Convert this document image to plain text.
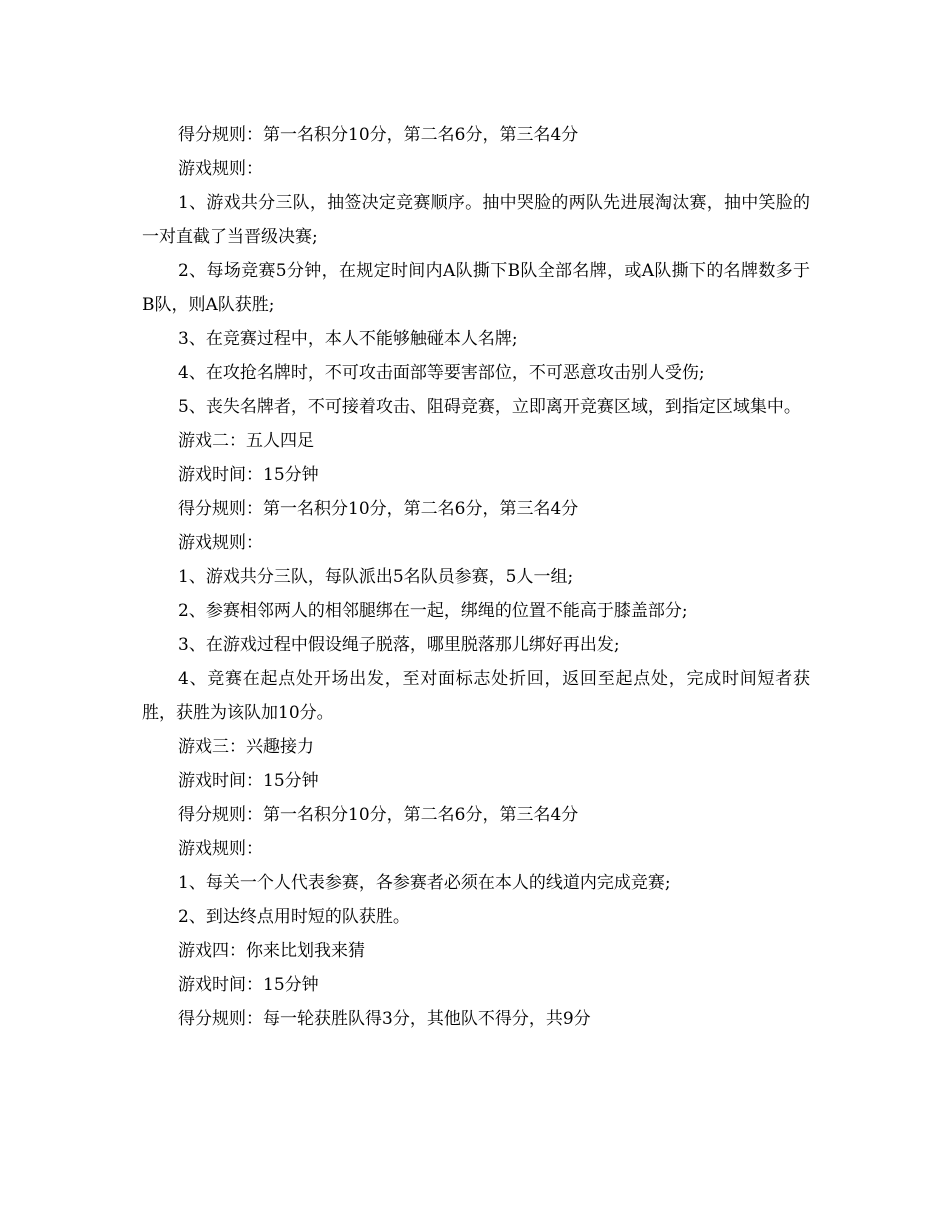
得分规则：第一名积分10分，第二名6分，第三名4分

游戏规则：

1、游戏共分三队，抽签决定竞赛顺序。抽中哭脸的两队先进展淘汰赛，抽中笑脸的一对直截了当晋级决赛;

2、每场竞赛5分钟，在规定时间内A队撕下B队全部名牌，或A队撕下的名牌数多于B队，则A队获胜;

3、在竞赛过程中，本人不能够触碰本人名牌;

4、在攻抢名牌时，不可攻击面部等要害部位，不可恶意攻击别人受伤;

5、丧失名牌者，不可接着攻击、阻碍竞赛，立即离开竞赛区域，到指定区域集中。

游戏二：五人四足

游戏时间：15分钟

得分规则：第一名积分10分，第二名6分，第三名4分

游戏规则：

1、游戏共分三队，每队派出5名队员参赛，5人一组;

2、参赛相邻两人的相邻腿绑在一起，绑绳的位置不能高于膝盖部分;

3、在游戏过程中假设绳子脱落，哪里脱落那儿绑好再出发;

4、竞赛在起点处开场出发，至对面标志处折回，返回至起点处，完成时间短者获胜，获胜为该队加10分。

游戏三：兴趣接力

游戏时间：15分钟

得分规则：第一名积分10分，第二名6分，第三名4分

游戏规则：

1、每关一个人代表参赛，各参赛者必须在本人的线道内完成竞赛;

2、到达终点用时短的队获胜。

游戏四：你来比划我来猜

游戏时间：15分钟

得分规则：每一轮获胜队得3分，其他队不得分，共9分
